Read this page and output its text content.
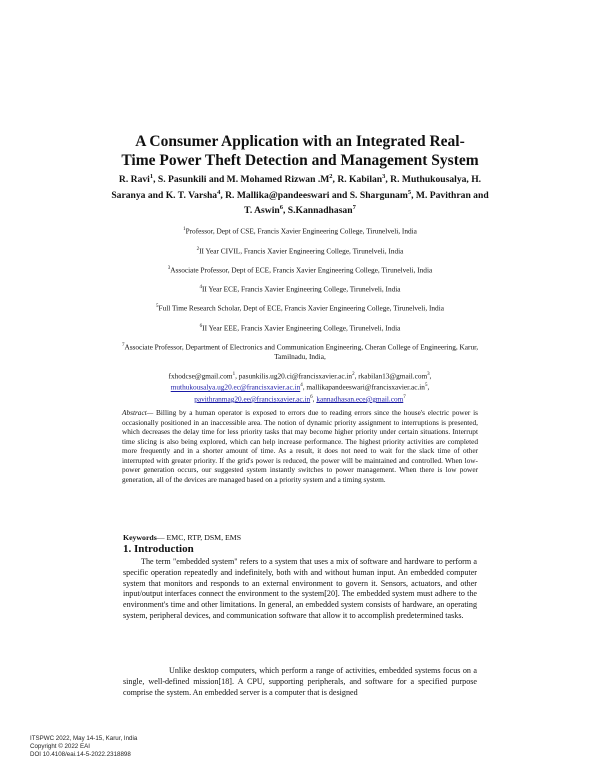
A Consumer Application with an Integrated Real-
Time Power Theft Detection and Management System
R. Ravi$^1$, S. Pasunkili and M. Mohamed Rizwan $.M^2$, R. Kabilan$^3$, R. Muthukousalya, H. Saranya and K. T. Varsha$^4$, R. Mallika@pandeeswari and S. Shargunam$^5$, M. Pavithran and T. Aswin$^6$, S.Kannadhasan$^7$
$^1$Professor, Dept of CSE, Francis Xavier Engineering College, Tirunelveli, India
$^2$II Year CIVIL, Francis Xavier Engineering College, Tirunelveli, India
$^3$Associate Professor, Dept of ECE, Francis Xavier Engineering College, Tirunelveli, India
$^4$II Year ECE, Francis Xavier Engineering College, Tirunelveli, India
$^5$Full Time Research Scholar, Dept of ECE, Francis Xavier Engineering College, Tirunelveli, India
$^6$II Year EEE, Francis Xavier Engineering College, Tirunelveli, India
$^7$Associate Professor, Department of Electronics and Communication Engineering, Cheran College of Engineering, Karur, Tamilnadu, India,
fxhodcse@gmail.com$^1$, $pasunkilis.ug20.ci@francisxavier.ac.in^2$, rkabilan13@gmail.com$^3$, $muthukousalya.ug20.ec@francisxavier.ac.in^4$, $mallikapandeeswari@francisxavier.ac.in^5$, $pavithranmag20.ee@francisxavier.ac.in^6$, kannadhasan.ece@gmail.com$^7$
Abstract— Billing by a human operator is exposed to errors due to reading errors since the house's electric power is occasionally positioned in an inaccessible area. The notion of dynamic priority assignment to interruptions is presented, which decreases the delay time for less priority tasks that may become higher priority under certain situations. Interrupt time slicing is also being explored, which can help increase performance. The highest priority activities are completed more frequently and in a shorter amount of time. As a result, it does not need to wait for the slack time of other interrupted with greater priority. If the grid's power is reduced, the power will be maintained and controlled. When low-power generation occurs, our suggested system instantly switches to power management. When there is low power generation, all of the devices are managed based on a priority system and a timing system.
Keywords— EMC, RTP, DSM, EMS
1. Introduction
The term "embedded system" refers to a system that uses a mix of software and hardware to perform a specific operation repeatedly and indefinitely, both with and without human input. An embedded computer system that monitors and responds to an external environment to govern it. Sensors, actuators, and other input/output interfaces connect the environment to the system[20]. The embedded system must adhere to the environment's time and other limitations. In general, an embedded system consists of hardware, an operating system, peripheral devices, and communication software that allow it to accomplish predetermined tasks.
Unlike desktop computers, which perform a range of activities, embedded systems focus on a single, well-defined mission[18]. A CPU, supporting peripherals, and software for a specified purpose comprise the system. An embedded server is a computer that is designed
ITSPWC 2022, May 14-15, Karur, India
Copyright © 2022 EAI
DOI 10.4108/eai.14-5-2022.2318898
